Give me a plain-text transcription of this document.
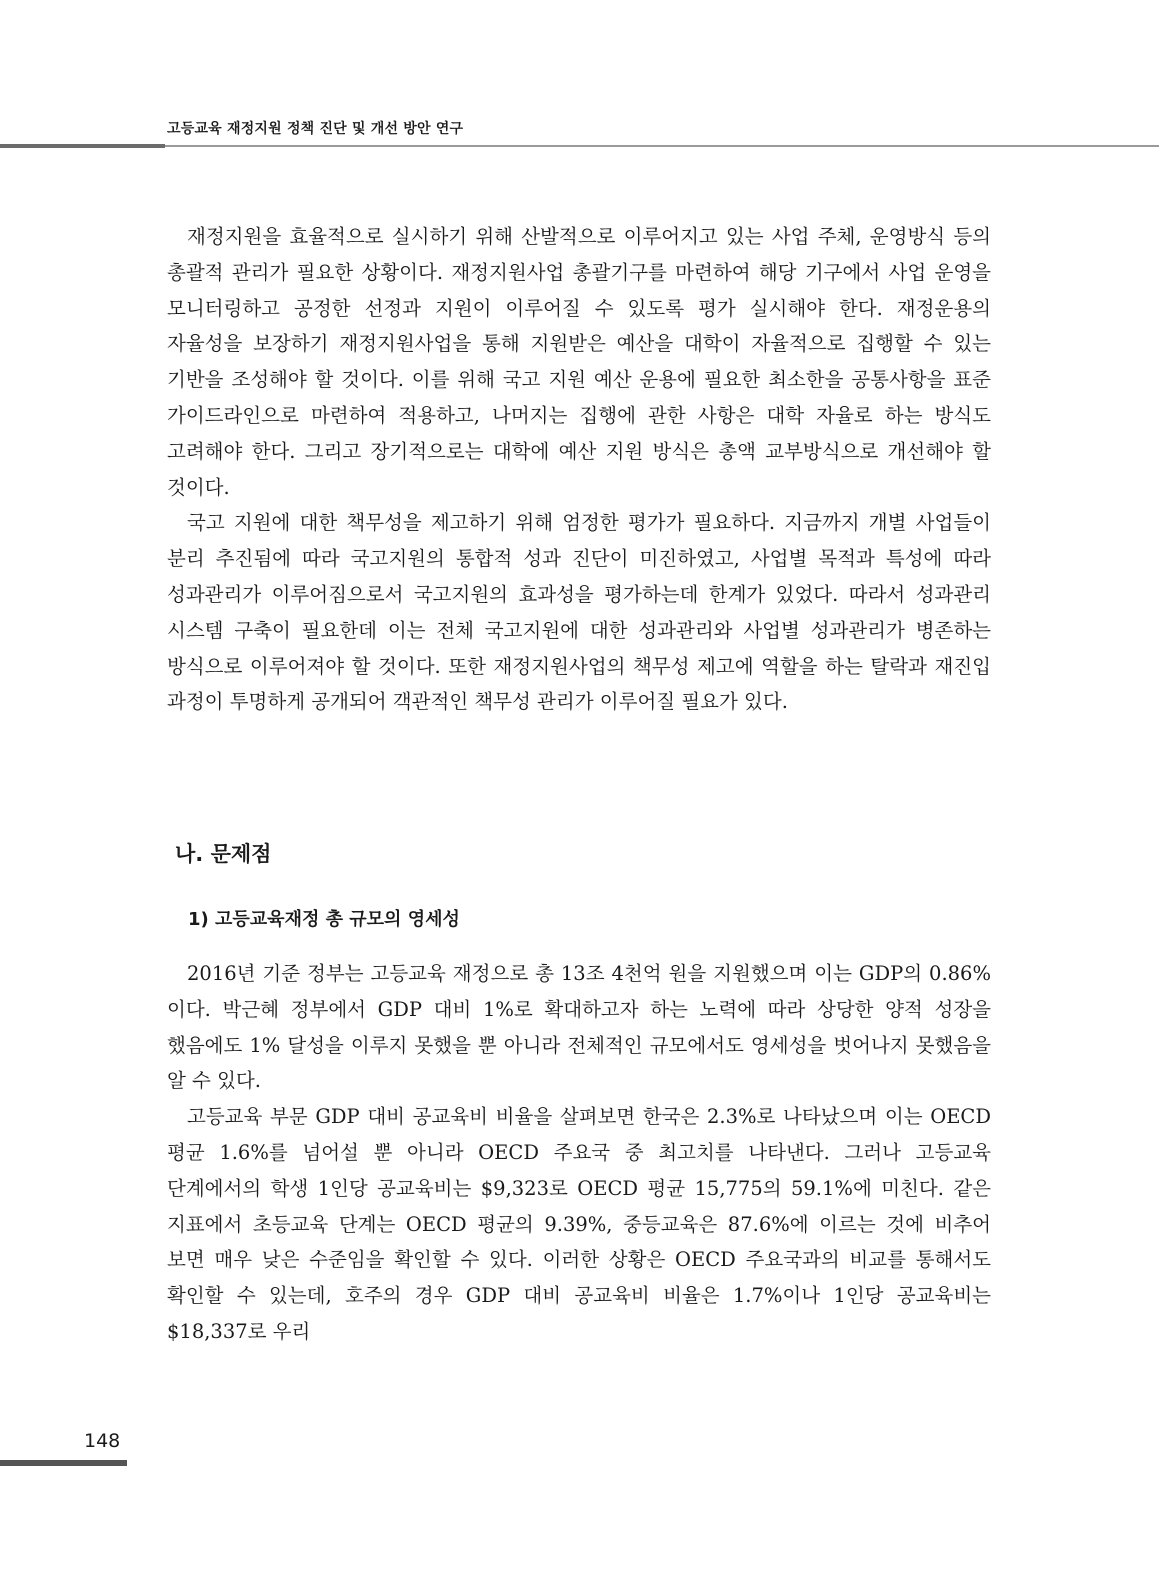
고등교육 재정지원 정책 진단 및 개선 방안 연구

재정지원을 효율적으로 실시하기 위해 산발적으로 이루어지고 있는 사업 주체, 운영방식 등의 총괄적 관리가 필요한 상황이다. 재정지원사업 총괄기구를 마련하여 해당 기구에서 사업 운영을 모니터링하고 공정한 선정과 지원이 이루어질 수 있도록 평가 실시해야 한다. 재정운용의 자율성을 보장하기 재정지원사업을 통해 지원받은 예산을 대학이 자율적으로 집행할 수 있는 기반을 조성해야 할 것이다. 이를 위해 국고 지원 예산 운용에 필요한 최소한을 공통사항을 표준 가이드라인으로 마련하여 적용하고, 나머지는 집행에 관한 사항은 대학 자율로 하는 방식도 고려해야 한다. 그리고 장기적으로는 대학에 예산 지원 방식은 총액 교부방식으로 개선해야 할 것이다.

국고 지원에 대한 책무성을 제고하기 위해 엄정한 평가가 필요하다. 지금까지 개별 사업들이 분리 추진됨에 따라 국고지원의 통합적 성과 진단이 미진하였고, 사업별 목적과 특성에 따라 성과관리가 이루어짐으로서 국고지원의 효과성을 평가하는데 한계가 있었다. 따라서 성과관리 시스템 구축이 필요한데 이는 전체 국고지원에 대한 성과관리와 사업별 성과관리가 병존하는 방식으로 이루어져야 할 것이다. 또한 재정지원사업의 책무성 제고에 역할을 하는 탈락과 재진입 과정이 투명하게 공개되어 객관적인 책무성 관리가 이루어질 필요가 있다.

나. 문제점
1) 고등교육재정 총 규모의 영세성

2016년 기준 정부는 고등교육 재정으로 총 13조 4천억 원을 지원했으며 이는 GDP의 0.86%이다. 박근혜 정부에서 GDP 대비 1%로 확대하고자 하는 노력에 따라 상당한 양적 성장을 했음에도 1% 달성을 이루지 못했을 뿐 아니라 전체적인 규모에서도 영세성을 벗어나지 못했음을 알 수 있다.

고등교육 부문 GDP 대비 공교육비 비율을 살펴보면 한국은 2.3%로 나타났으며 이는 OECD 평균 1.6%를 넘어설 뿐 아니라 OECD 주요국 중 최고치를 나타낸다. 그러나 고등교육 단계에서의 학생 1인당 공교육비는 $9,323로 OECD 평균 15,775의 59.1%에 미친다. 같은 지표에서 초등교육 단계는 OECD 평균의 9.39%, 중등교육은 87.6%에 이르는 것에 비추어 보면 매우 낮은 수준임을 확인할 수 있다. 이러한 상황은 OECD 주요국과의 비교를 통해서도 확인할 수 있는데, 호주의 경우 GDP 대비 공교육비 비율은 1.7%이나 1인당 공교육비는 $18,337로 우리

148
